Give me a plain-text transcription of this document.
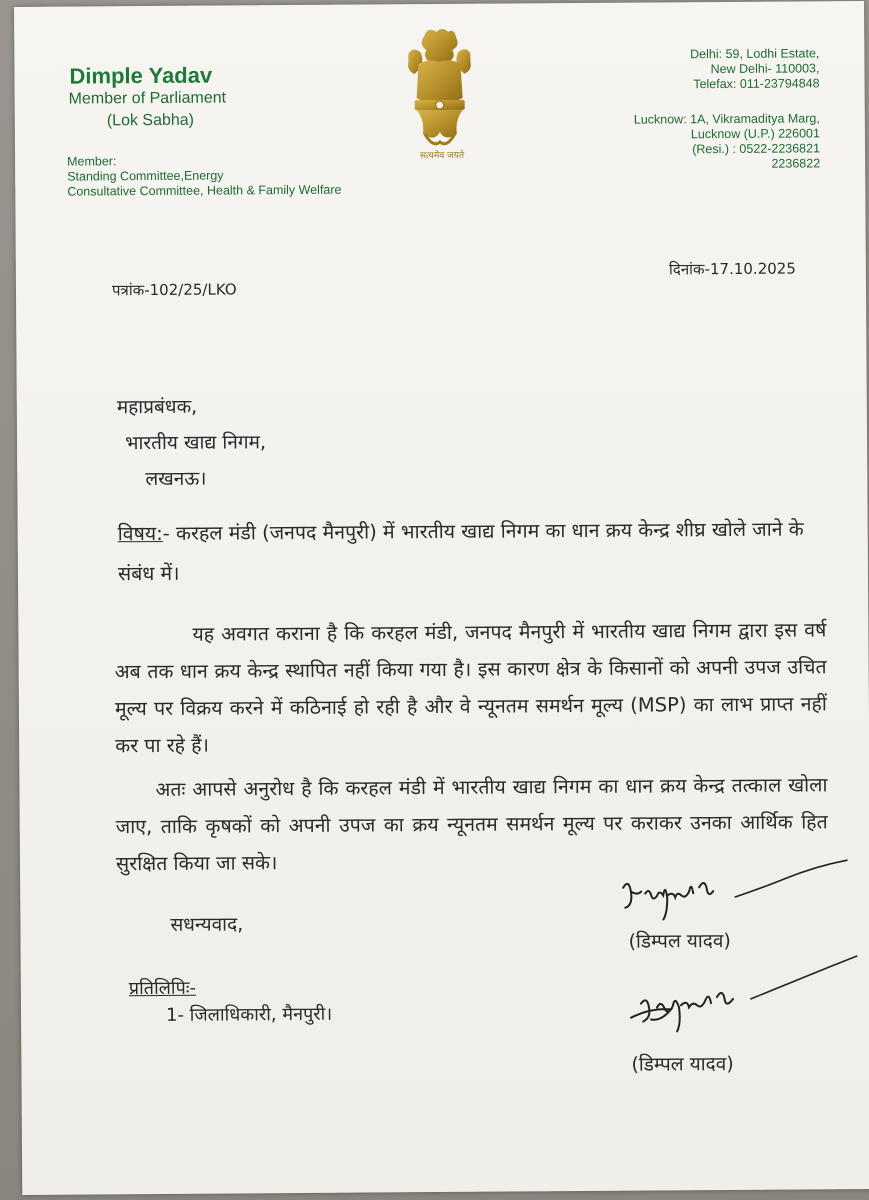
Dimple Yadav
Member of Parliament
(Lok Sabha)
Member:
Standing Committee,Energy
Consultative Committee, Health & Family Welfare
सत्यमेव जयते
Delhi: 59, Lodhi Estate,
New Delhi- 110003,
Telefax: 011-23794848
Lucknow: 1A, Vikramaditya Marg,
Lucknow (U.P.) 226001
(Resi.) : 0522-2236821
2236822
पत्रांक-102/25/LKO
दिनांक-17.10.2025
महाप्रबंधक,
भारतीय खाद्य निगम,
लखनऊ।
विषय:- करहल मंडी (जनपद मैनपुरी) में भारतीय खाद्य निगम का धान क्रय केन्द्र शीघ्र खोले जाने के संबंध में।
यह अवगत कराना है कि करहल मंडी, जनपद मैनपुरी में भारतीय खाद्य निगम द्वारा इस वर्ष अब तक धान क्रय केन्द्र स्थापित नहीं किया गया है। इस कारण क्षेत्र के किसानों को अपनी उपज उचित मूल्य पर विक्रय करने में कठिनाई हो रही है और वे न्यूनतम समर्थन मूल्य (MSP) का लाभ प्राप्त नहीं कर पा रहे हैं।
अतः आपसे अनुरोध है कि करहल मंडी में भारतीय खाद्य निगम का धान क्रय केन्द्र तत्काल खोला जाए, ताकि कृषकों को अपनी उपज का क्रय न्यूनतम समर्थन मूल्य पर कराकर उनका आर्थिक हित सुरक्षित किया जा सके।
सधन्यवाद,
(डिम्पल यादव)
प्रतिलिपिः-
1- जिलाधिकारी, मैनपुरी।
(डिम्पल यादव)
